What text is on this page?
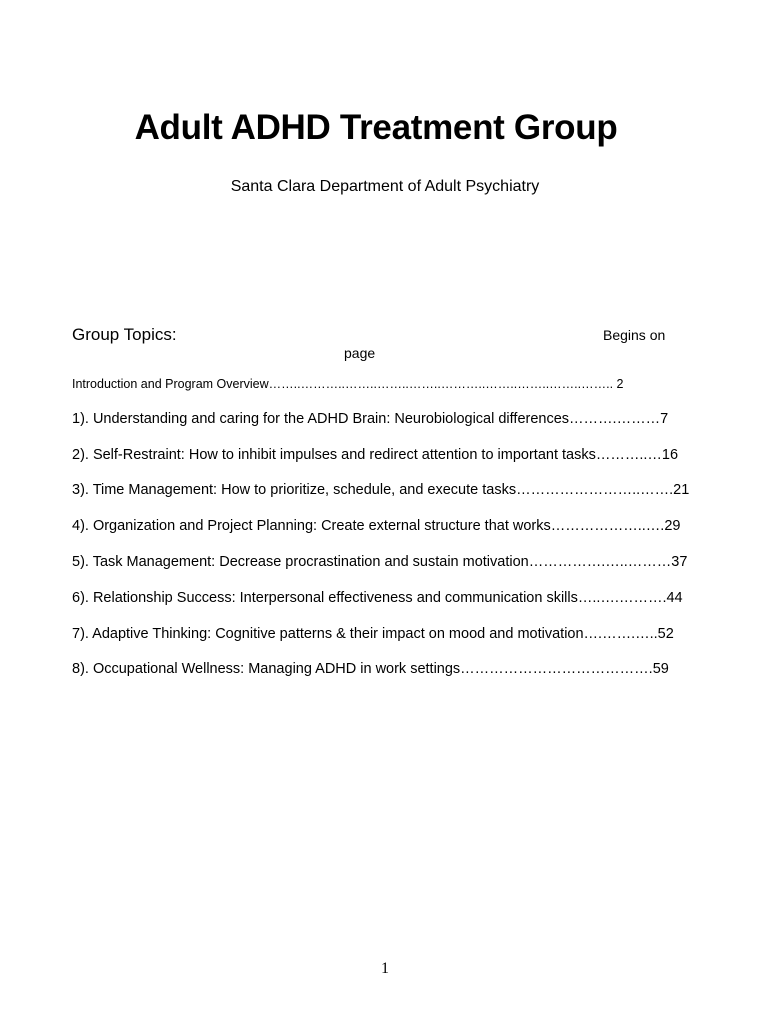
Adult ADHD Treatment Group
Santa Clara Department of Adult Psychiatry
Group Topics:	Begins on
page
Introduction and Program Overview……..………..……..……..……..………..……..……..……..…….. 2
1). Understanding and caring for the ADHD Brain: Neurobiological differences……….………7
2). Self-Restraint: How to inhibit impulses and redirect attention to important tasks………..…16
3). Time Management: How to prioritize, schedule, and execute tasks……………………..…….21
4). Organization and Project Planning: Create external structure that works………………..….29
5). Task Management: Decrease procrastination and sustain motivation…………….…..………37
6). Relationship Success: Interpersonal effectiveness and communication skills…..….……….44
7). Adaptive Thinking: Cognitive patterns & their impact on mood and motivation….…….…..52
8). Occupational Wellness: Managing ADHD in work settings………………………………….59
1
